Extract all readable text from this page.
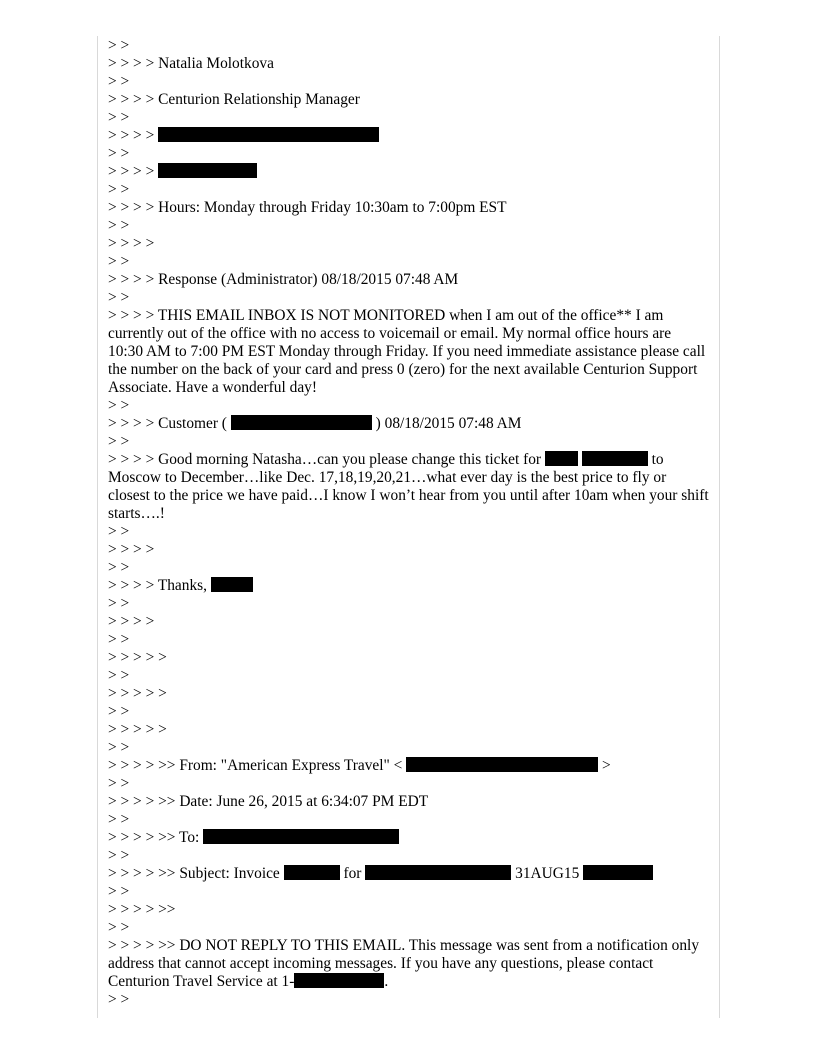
> >
> > > > Natalia Molotkova
> >
> > > > Centurion Relationship Manager
> >
> > > >
> >
> > > >
> >
> > > > Hours: Monday through Friday 10:30am to 7:00pm EST
> >
> > > >
> >
> > > > Response (Administrator) 08/18/2015 07:48 AM
> >
> > > > THIS EMAIL INBOX IS NOT MONITORED when I am out of the office** I am currently out of the office with no access to voicemail or email. My normal office hours are 10:30 AM to 7:00 PM EST Monday through Friday. If you need immediate assistance please call the number on the back of your card and press 0 (zero) for the next available Centurion Support Associate. Have a wonderful day!
> >
> > > > Customer (	) 08/18/2015 07:48 AM
> >
> > > > Good morning Natasha…can you please change this ticket for	to Moscow to December…like Dec. 17,18,19,20,21…what ever day is the best price to fly or closest to the price we have paid…I know I won’t hear from you until after 10am when your shift starts….!
> >
> > > >
> >
> > > > Thanks,
> >
> > > >
> >
> > > > >
> >
> > > > >
> >
> > > > >
> >
> > > > >> From: "American Express Travel" <	>
> >
> > > > >> Date: June 26, 2015 at 6:34:07 PM EDT
> >
> > > > >> To:
> >
> > > > >> Subject: Invoice	for	31AUG15
> >
> > > > >>
> >
> > > > >> DO NOT REPLY TO THIS EMAIL. This message was sent from a notification only address that cannot accept incoming messages. If you have any questions, please contact Centurion Travel Service at 1-	.
> >
